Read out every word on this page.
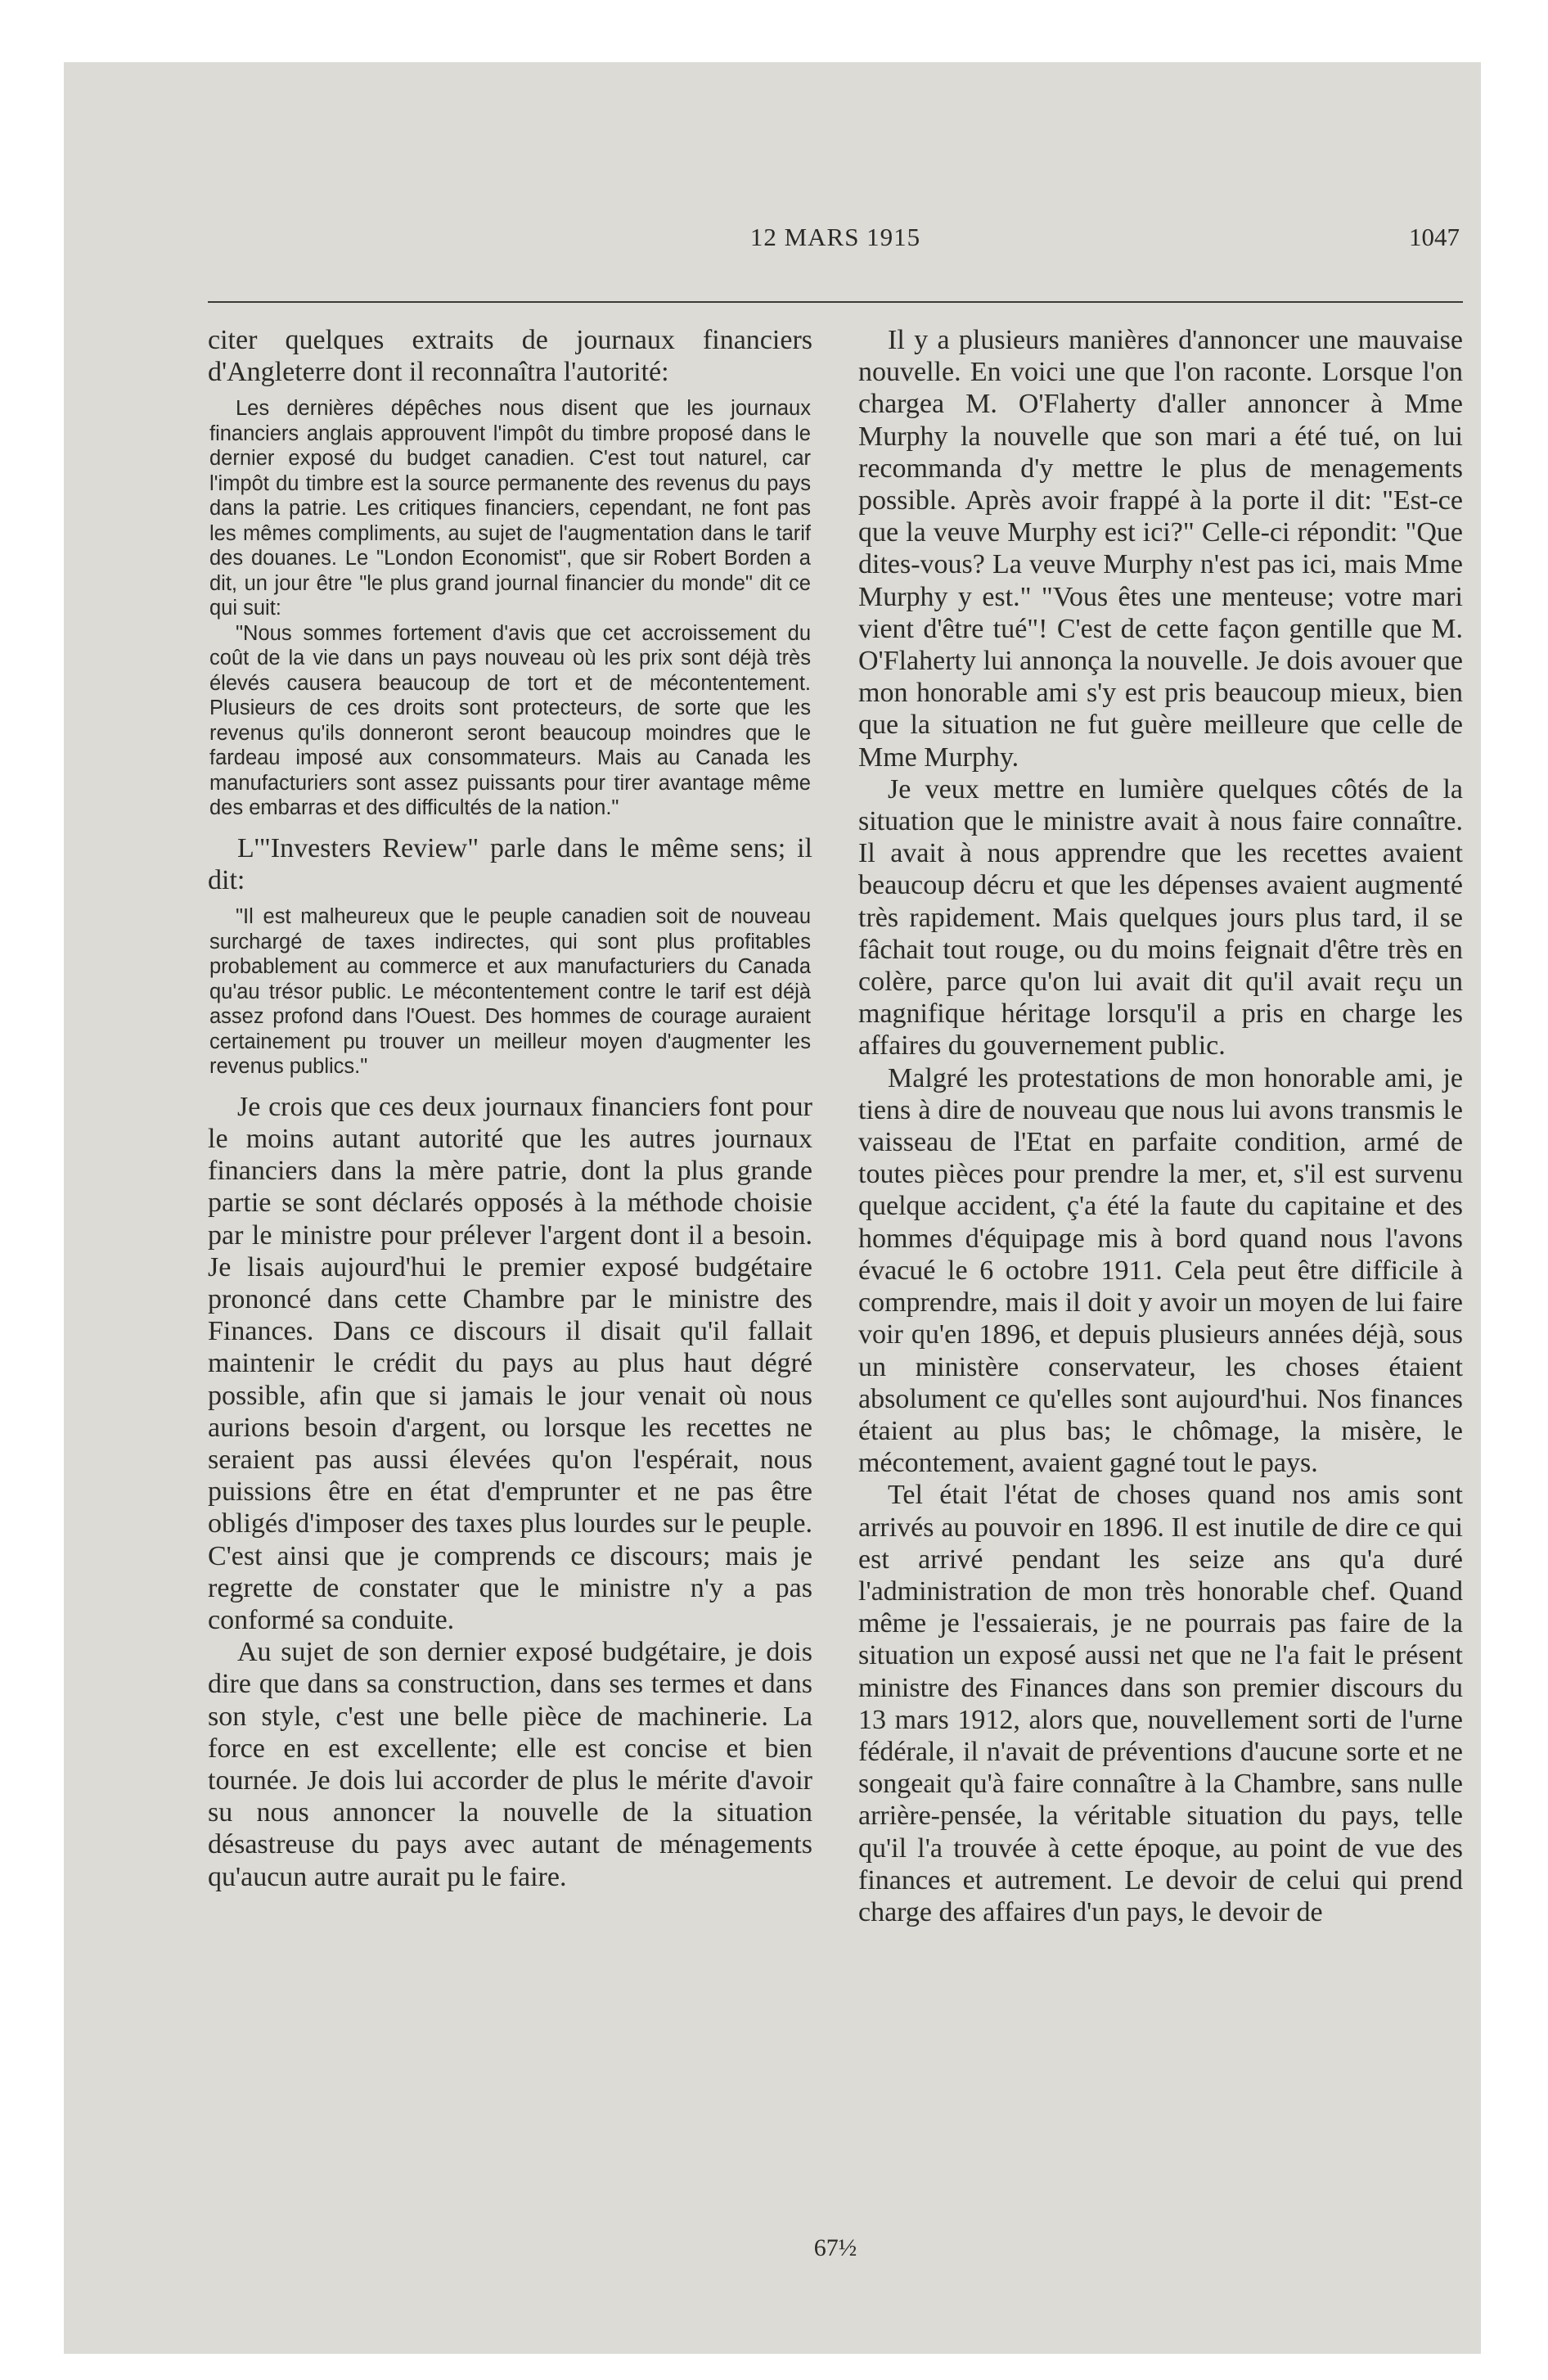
12 MARS 1915	1047

citer quelques extraits de journaux financiers d'Angleterre dont il reconnaîtra l'autorité:

Les dernières dépêches nous disent que les journaux financiers anglais approuvent l'impôt du timbre proposé dans le dernier exposé du budget canadien. C'est tout naturel, car l'impôt du timbre est la source permanente des revenus du pays dans la patrie. Les critiques financiers, cependant, ne font pas les mêmes compliments, au sujet de l'augmentation dans le tarif des douanes. Le "London Economist", que sir Robert Borden a dit, un jour être "le plus grand journal financier du monde" dit ce qui suit:

"Nous sommes fortement d'avis que cet accroissement du coût de la vie dans un pays nouveau où les prix sont déjà très élevés causera beaucoup de tort et de mécontentement. Plusieurs de ces droits sont protecteurs, de sorte que les revenus qu'ils donneront seront beaucoup moindres que le fardeau imposé aux consommateurs. Mais au Canada les manufacturiers sont assez puissants pour tirer avantage même des embarras et des difficultés de la nation."

L'"Investers Review" parle dans le même sens; il dit:

"Il est malheureux que le peuple canadien soit de nouveau surchargé de taxes indirectes, qui sont plus profitables probablement au commerce et aux manufacturiers du Canada qu'au trésor public. Le mécontentement contre le tarif est déjà assez profond dans l'Ouest. Des hommes de courage auraient certainement pu trouver un meilleur moyen d'augmenter les revenus publics."

Je crois que ces deux journaux financiers font pour le moins autant autorité que les autres journaux financiers dans la mère patrie, dont la plus grande partie se sont déclarés opposés à la méthode choisie par le ministre pour prélever l'argent dont il a besoin. Je lisais aujourd'hui le premier exposé budgétaire prononcé dans cette Chambre par le ministre des Finances. Dans ce discours il disait qu'il fallait maintenir le crédit du pays au plus haut dégré possible, afin que si jamais le jour venait où nous aurions besoin d'argent, ou lorsque les recettes ne seraient pas aussi élevées qu'on l'espérait, nous puissions être en état d'emprunter et ne pas être obligés d'imposer des taxes plus lourdes sur le peuple. C'est ainsi que je comprends ce discours; mais je regrette de constater que le ministre n'y a pas conformé sa conduite.

Au sujet de son dernier exposé budgétaire, je dois dire que dans sa construction, dans ses termes et dans son style, c'est une belle pièce de machinerie. La force en est excellente; elle est concise et bien tournée. Je dois lui accorder de plus le mérite d'avoir su nous annoncer la nouvelle de la situation désastreuse du pays avec autant de ménagements qu'aucun autre aurait pu le faire.

Il y a plusieurs manières d'annoncer une mauvaise nouvelle. En voici une que l'on raconte. Lorsque l'on chargea M. O'Flaherty d'aller annoncer à Mme Murphy la nouvelle que son mari a été tué, on lui recommanda d'y mettre le plus de menagements possible. Après avoir frappé à la porte il dit: "Est-ce que la veuve Murphy est ici?" Celle-ci répondit: "Que dites-vous? La veuve Murphy n'est pas ici, mais Mme Murphy y est." "Vous êtes une menteuse; votre mari vient d'être tué"! C'est de cette façon gentille que M. O'Flaherty lui annonça la nouvelle. Je dois avouer que mon honorable ami s'y est pris beaucoup mieux, bien que la situation ne fut guère meilleure que celle de Mme Murphy.

Je veux mettre en lumière quelques côtés de la situation que le ministre avait à nous faire connaître. Il avait à nous apprendre que les recettes avaient beaucoup décru et que les dépenses avaient augmenté très rapidement. Mais quelques jours plus tard, il se fâchait tout rouge, ou du moins feignait d'être très en colère, parce qu'on lui avait dit qu'il avait reçu un magnifique héritage lorsqu'il a pris en charge les affaires du gouvernement public.

Malgré les protestations de mon honorable ami, je tiens à dire de nouveau que nous lui avons transmis le vaisseau de l'Etat en parfaite condition, armé de toutes pièces pour prendre la mer, et, s'il est survenu quelque accident, ç'a été la faute du capitaine et des hommes d'équipage mis à bord quand nous l'avons évacué le 6 octobre 1911. Cela peut être difficile à comprendre, mais il doit y avoir un moyen de lui faire voir qu'en 1896, et depuis plusieurs années déjà, sous un ministère conservateur, les choses étaient absolument ce qu'elles sont aujourd'hui. Nos finances étaient au plus bas; le chômage, la misère, le mécontement, avaient gagné tout le pays.

Tel était l'état de choses quand nos amis sont arrivés au pouvoir en 1896. Il est inutile de dire ce qui est arrivé pendant les seize ans qu'a duré l'administration de mon très honorable chef. Quand même je l'essaierais, je ne pourrais pas faire de la situation un exposé aussi net que ne l'a fait le présent ministre des Finances dans son premier discours du 13 mars 1912, alors que, nouvellement sorti de l'urne fédérale, il n'avait de préventions d'aucune sorte et ne songeait qu'à faire connaître à la Chambre, sans nulle arrière-pensée, la véritable situation du pays, telle qu'il l'a trouvée à cette époque, au point de vue des finances et autrement. Le devoir de celui qui prend charge des affaires d'un pays, le devoir de

67½
